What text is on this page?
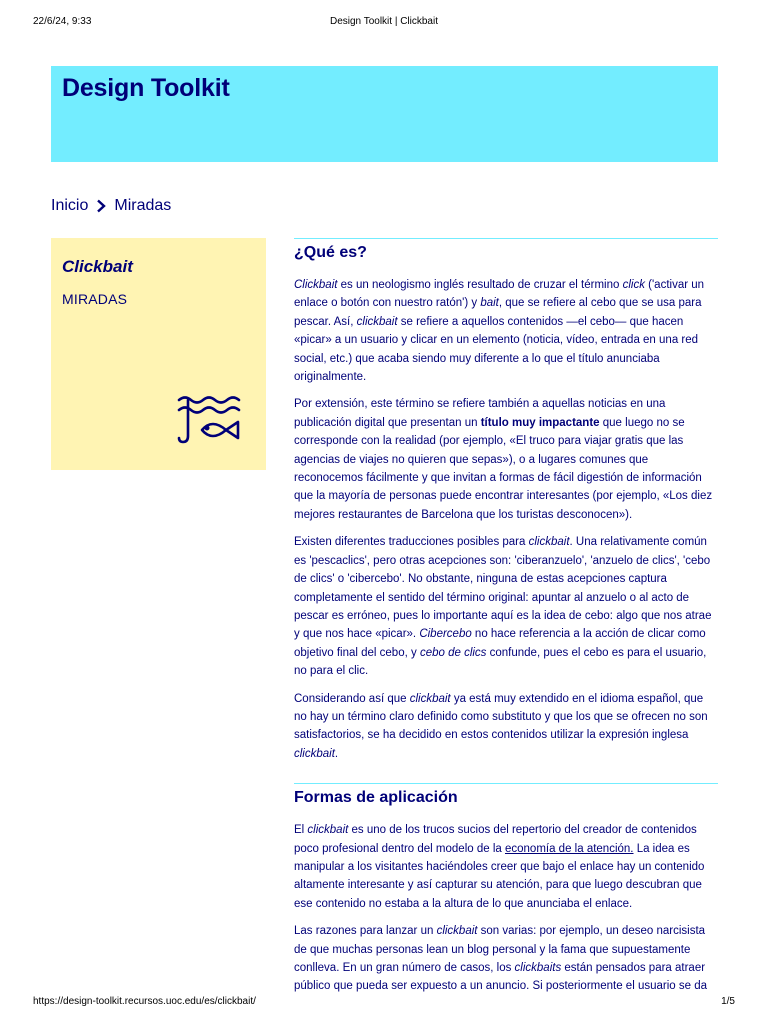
22/6/24, 9:33	Design Toolkit | Clickbait
Design Toolkit
Inicio Miradas
Clickbait
MIRADAS
¿Qué es?

Clickbait es un neologismo inglés resultado de cruzar el término click ('activar un enlace o botón con nuestro ratón') y bait, que se refiere al cebo que se usa para pescar. Así, clickbait se refiere a aquellos contenidos —el cebo— que hacen «picar» a un usuario y clicar en un elemento (noticia, vídeo, entrada en una red social, etc.) que acaba siendo muy diferente a lo que el título anunciaba originalmente.

Por extensión, este término se refiere también a aquellas noticias en una publicación digital que presentan un título muy impactante que luego no se corresponde con la realidad (por ejemplo, «El truco para viajar gratis que las agencias de viajes no quieren que sepas»), o a lugares comunes que reconocemos fácilmente y que invitan a formas de fácil digestión de información que la mayoría de personas puede encontrar interesantes (por ejemplo, «Los diez mejores restaurantes de Barcelona que los turistas desconocen»).

Existen diferentes traducciones posibles para clickbait. Una relativamente común es 'pescaclics', pero otras acepciones son: 'ciberanzuelo', 'anzuelo de clics', 'cebo de clics' o 'cibercebo'. No obstante, ninguna de estas acepciones captura completamente el sentido del término original: apuntar al anzuelo o al acto de pescar es erróneo, pues lo importante aquí es la idea de cebo: algo que nos atrae y que nos hace «picar». Cibercebo no hace referencia a la acción de clicar como objetivo final del cebo, y cebo de clics confunde, pues el cebo es para el usuario, no para el clic.

Considerando así que clickbait ya está muy extendido en el idioma español, que no hay un término claro definido como substituto y que los que se ofrecen no son satisfactorios, se ha decidido en estos contenidos utilizar la expresión inglesa clickbait.

Formas de aplicación

El clickbait es uno de los trucos sucios del repertorio del creador de contenidos poco profesional dentro del modelo de la economía de la atención. La idea es manipular a los visitantes haciéndoles creer que bajo el enlace hay un contenido altamente interesante y así capturar su atención, para que luego descubran que ese contenido no estaba a la altura de lo que anunciaba el enlace.

Las razones para lanzar un clickbait son varias: por ejemplo, un deseo narcisista de que muchas personas lean un blog personal y la fama que supuestamente conlleva. En un gran número de casos, los clickbaits están pensados para atraer público que pueda ser expuesto a un anuncio. Si posteriormente el usuario se da

https://design-toolkit.recursos.uoc.edu/es/clickbait/	1/5
